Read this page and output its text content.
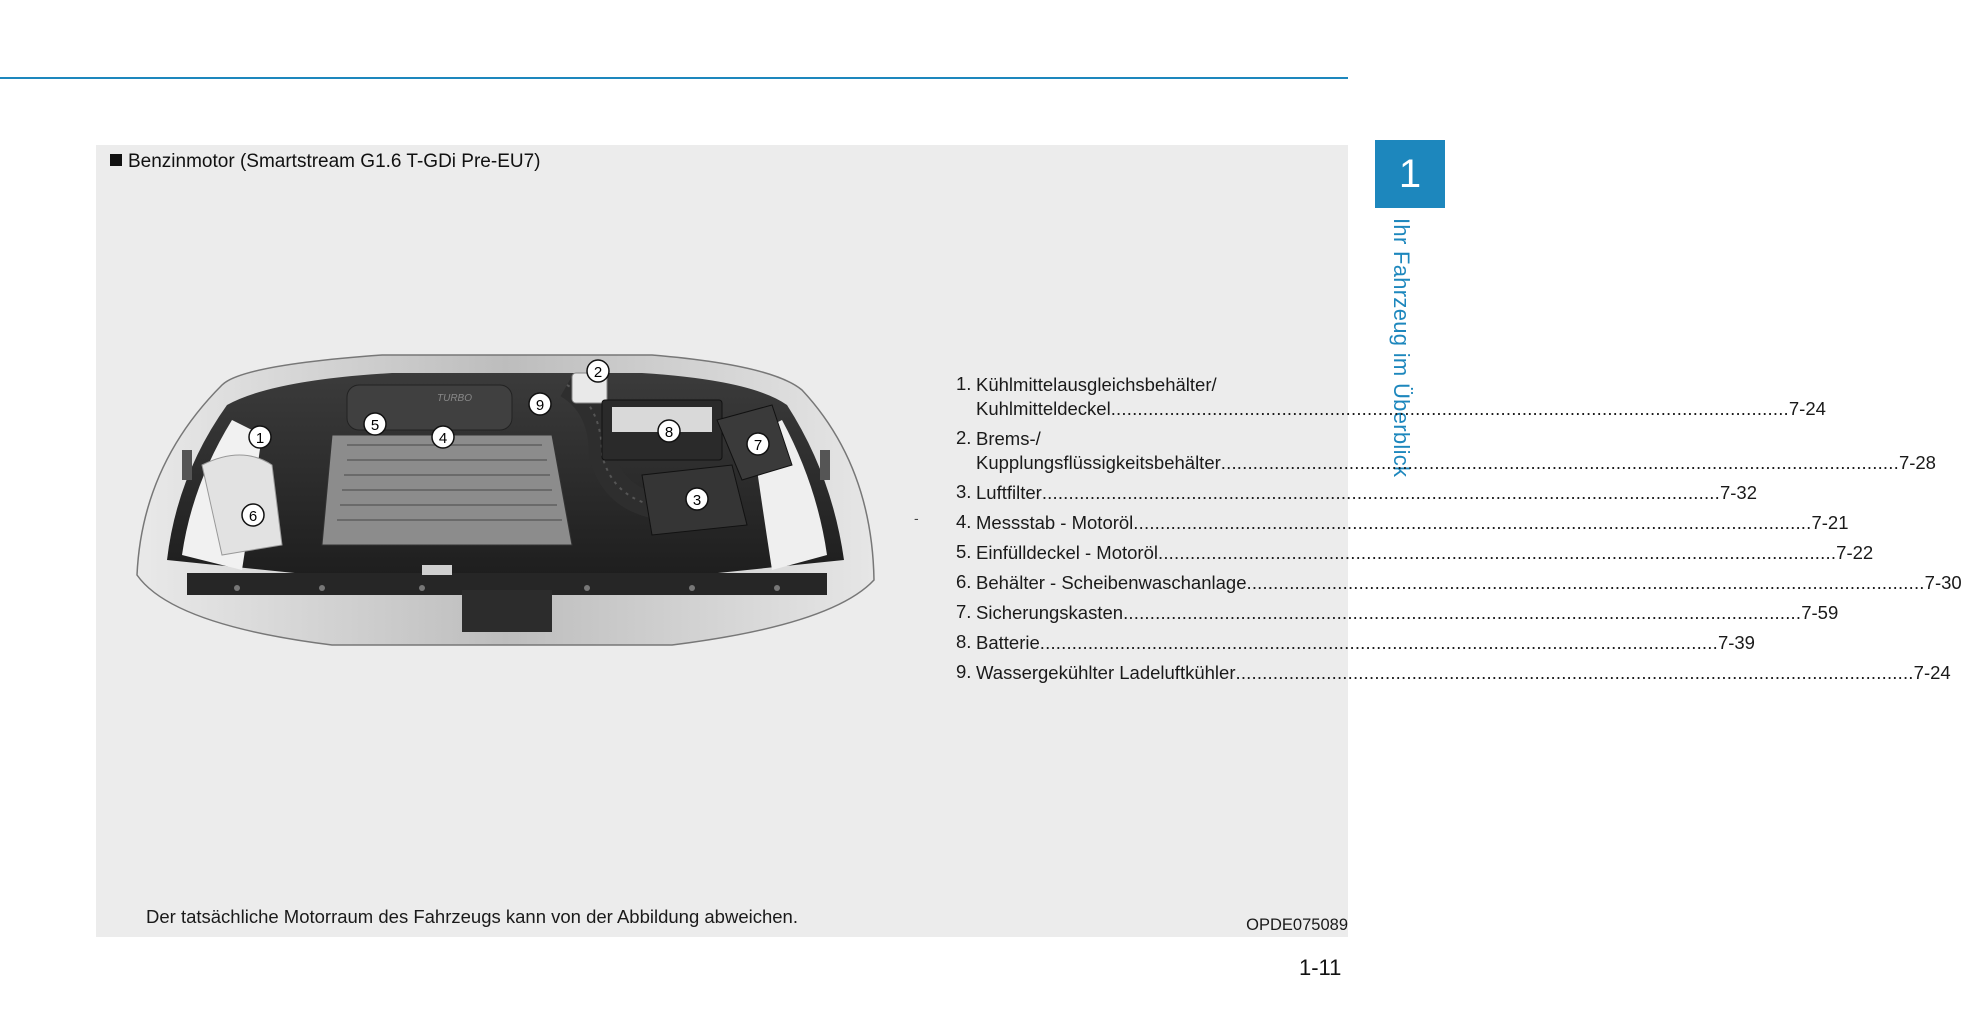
1
Ihr Fahrzeug im Überblick
Benzinmotor (Smartstream G1.6 T-GDi Pre-EU7)
TURBO
1
2
3
4
5
6
7
8
9
-
1. Kühlmittelausgleichsbehälter/
Kuhlmitteldeckel .....	7-24
2. Brems-/
Kupplungsflüssigkeitsbehälter .....	7-28
3. Luftfilter .....	7-32
4. Messstab - Motoröl .....	7-21
5. Einfülldeckel - Motoröl .....	7-22
6. Behälter - Scheibenwaschanlage .....	7-30
7. Sicherungskasten .....	7-59
8. Batterie .....	7-39
9. Wassergekühlter Ladeluftkühler .....	7-24
Der tatsächliche Motorraum des Fahrzeugs kann von der Abbildung abweichen.	OPDE075089
1-11
